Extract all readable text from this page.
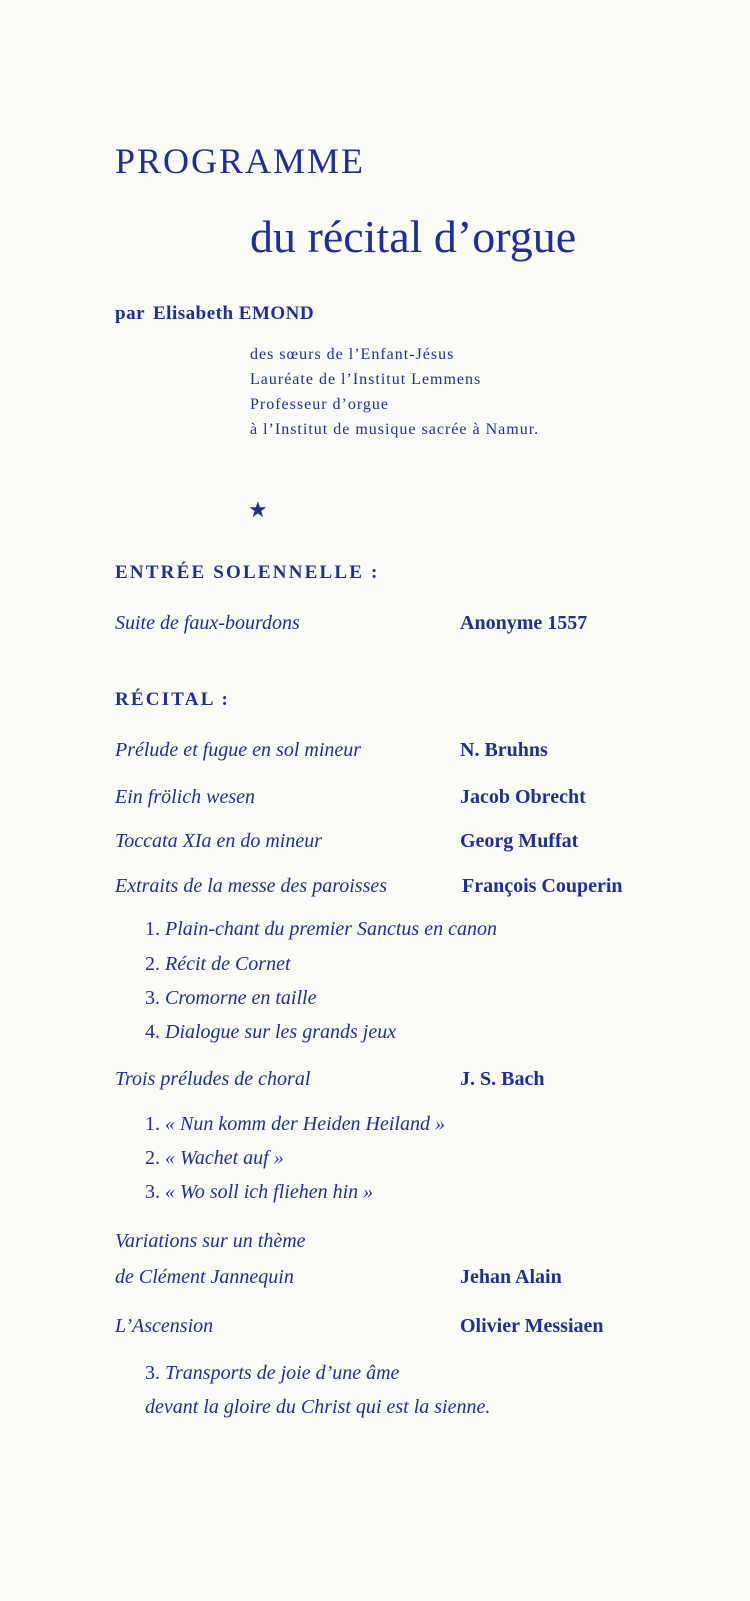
PROGRAMME
du récital d’orgue
par Elisabeth EMOND
des sœurs de l’Enfant-Jésus
Lauréate de l’Institut Lemmens
Professeur d’orgue
à l’Institut de musique sacrée à Namur.
★
ENTRÉE SOLENNELLE :
Suite de faux-bourdons	Anonyme 1557
RÉCITAL :
Prélude et fugue en sol mineur	N. Bruhns
Ein frölich wesen	Jacob Obrecht
Toccata XIa en do mineur	Georg Muffat
Extraits de la messe des paroisses	François Couperin
1. Plain-chant du premier Sanctus en canon
2. Récit de Cornet
3. Cromorne en taille
4. Dialogue sur les grands jeux
Trois préludes de choral	J. S. Bach
1. « Nun komm der Heiden Heiland »
2. « Wachet auf »
3. « Wo soll ich fliehen hin »
Variations sur un thème
de Clément Jannequin	Jehan Alain
L’Ascension	Olivier Messiaen
3. Transports de joie d’une âme
devant la gloire du Christ qui est la sienne.
